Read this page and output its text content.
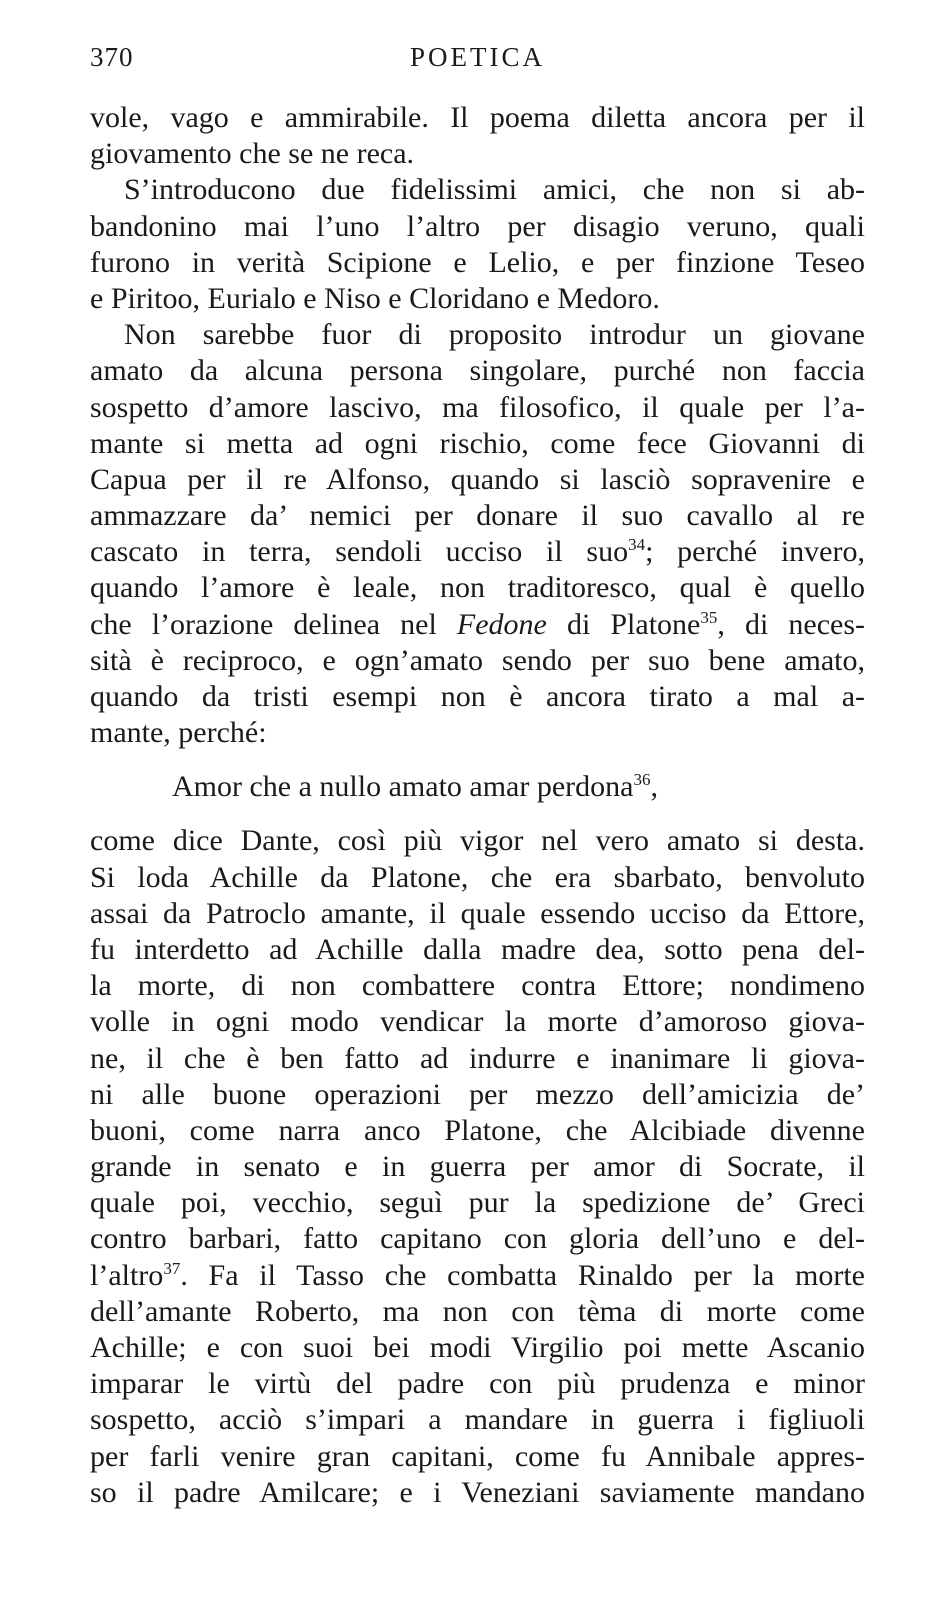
370	POETICA
vole, vago e ammirabile. Il poema diletta ancora per il
giovamento che se ne reca.
S’introducono due fidelissimi amici, che non si ab-
bandonino mai l’uno l’altro per disagio veruno, quali
furono in verità Scipione e Lelio, e per finzione Teseo
e Piritoo, Eurialo e Niso e Cloridano e Medoro.
Non sarebbe fuor di proposito introdur un giovane
amato da alcuna persona singolare, purché non faccia
sospetto d’amore lascivo, ma filosofico, il quale per l’a-
mante si metta ad ogni rischio, come fece Giovanni di
Capua per il re Alfonso, quando si lasciò sopravenire e
ammazzare da’ nemici per donare il suo cavallo al re
cascato in terra, sendoli ucciso il suo$^{34}$; perché invero,
quando l’amore è leale, non traditoresco, qual è quello
che l’orazione delinea nel Fedone di Platone$^{35}$, di neces-
sità è reciproco, e ogn’amato sendo per suo bene amato,
quando da tristi esempi non è ancora tirato a mal a-
mante, perché:
Amor che a nullo amato amar perdona$^{36}$,
come dice Dante, così più vigor nel vero amato si desta.
Si loda Achille da Platone, che era sbarbato, benvoluto
assai da Patroclo amante, il quale essendo ucciso da Ettore,
fu interdetto ad Achille dalla madre dea, sotto pena del-
la morte, di non combattere contra Ettore; nondimeno
volle in ogni modo vendicar la morte d’amoroso giova-
ne, il che è ben fatto ad indurre e inanimare li giova-
ni alle buone operazioni per mezzo dell’amicizia de’
buoni, come narra anco Platone, che Alcibiade divenne
grande in senato e in guerra per amor di Socrate, il
quale poi, vecchio, seguì pur la spedizione de’ Greci
contro barbari, fatto capitano con gloria dell’uno e del-
l’altro$^{37}$. Fa il Tasso che combatta Rinaldo per la morte
dell’amante Roberto, ma non con tèma di morte come
Achille; e con suoi bei modi Virgilio poi mette Ascanio
imparar le virtù del padre con più prudenza e minor
sospetto, acciò s’impari a mandare in guerra i figliuoli
per farli venire gran capitani, come fu Annibale appres-
so il padre Amilcare; e i Veneziani saviamente mandano
